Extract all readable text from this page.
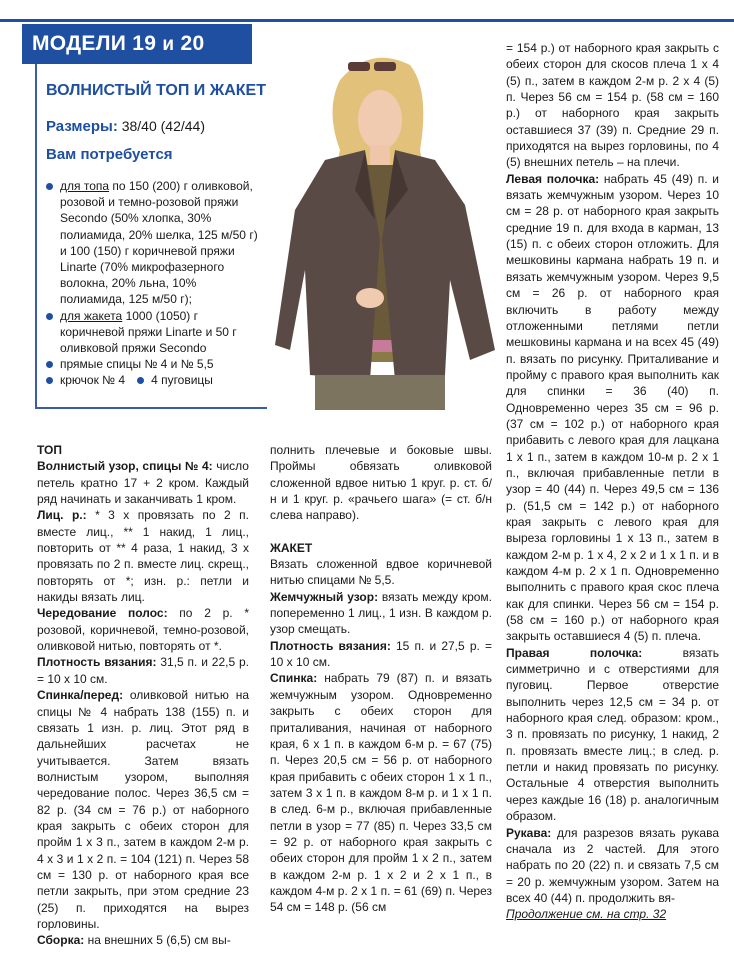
МОДЕЛИ 19 и 20
ВОЛНИСТЫЙ ТОП И ЖАКЕТ
Размеры: 38/40 (42/44)
Вам потребуется
для топа по 150 (200) г оливковой, розовой и темно-розовой пряжи Secondo (50% хлопка, 30% полиамида, 20% шелка, 125 м/50 г) и 100 (150) г коричневой пряжи Linarte (70% микрофазерного волокна, 20% льна, 10% полиамида, 125 м/50 г);
для жакета 1000 (1050) г коричневой пряжи Linarte и 50 г оливковой пряжи Secondo
прямые спицы № 4 и № 5,5
крючок № 4	4 пуговицы
ТОП
Волнистый узор, спицы № 4: число петель кратно 17 + 2 кром. Каждый ряд начинать и заканчивать 1 кром.
Лиц. р.: * 3 х провязать по 2 п. вместе лиц., ** 1 накид, 1 лиц., повторить от ** 4 раза, 1 накид, 3 х провязать по 2 п. вместе лиц. скрещ., повторять от *; изн. р.: петли и накиды вязать лиц.
Чередование полос: по 2 р. * розовой, коричневой, темно-розовой, оливковой нитью, повторять от *.
Плотность вязания: 31,5 п. и 22,5 р. = 10 х 10 см.
Спинка/перед: оливковой нитью на спицы № 4 набрать 138 (155) п. и связать 1 изн. р. лиц. Этот ряд в дальнейших расчетах не учитывается. Затем вязать волнистым узором, выполняя чередование полос. Через 36,5 см = 82 р. (34 см = 76 р.) от наборного края закрыть с обеих сторон для пройм 1 х 3 п., затем в каждом 2-м р. 4 х 3 и 1 х 2 п. = 104 (121) п. Через 58 см = 130 р. от наборного края все петли закрыть, при этом средние 23 (25) п. приходятся на вырез горловины.
Сборка: на внешних 5 (6,5) см вы-
полнить плечевые и боковые швы. Проймы обвязать оливковой сложенной вдвое нитью 1 круг. р. ст. б/н и 1 круг. р. «рачьего шага» (= ст. б/н слева направо).
ЖАКЕТ
Вязать сложенной вдвое коричневой нитью спицами № 5,5.
Жемчужный узор: вязать между кром. попеременно 1 лиц., 1 изн. В каждом р. узор смещать.
Плотность вязания: 15 п. и 27,5 р. = 10 х 10 см.
Спинка: набрать 79 (87) п. и вязать жемчужным узором. Одновременно закрыть с обеих сторон для приталивания, начиная от наборного края, 6 х 1 п. в каждом 6-м р. = 67 (75) п. Через 20,5 см = 56 р. от наборного края прибавить с обеих сторон 1 х 1 п., затем 3 х 1 п. в каждом 8-м р. и 1 х 1 п. в след. 6-м р., включая прибавленные петли в узор = 77 (85) п. Через 33,5 см = 92 р. от наборного края закрыть с обеих сторон для пройм 1 х 2 п., затем в каждом 2-м р. 1 х 2 и 2 х 1 п., в каждом 4-м р. 2 х 1 п. = 61 (69) п. Через 54 см = 148 р. (56 см
= 154 р.) от наборного края закрыть с обеих сторон для скосов плеча 1 х 4 (5) п., затем в каждом 2-м р. 2 х 4 (5) п. Через 56 см = 154 р. (58 см = 160 р.) от наборного края закрыть оставшиеся 37 (39) п. Средние 29 п. приходятся на вырез горловины, по 4 (5) внешних петель – на плечи.
Левая полочка: набрать 45 (49) п. и вязать жемчужным узором. Через 10 см = 28 р. от наборного края закрыть средние 19 п. для входа в карман, 13 (15) п. с обеих сторон отложить. Для мешковины кармана набрать 19 п. и вязать жемчужным узором. Через 9,5 см = 26 р. от наборного края включить в работу между отложенными петлями петли мешковины кармана и на всех 45 (49) п. вязать по рисунку. Приталивание и пройму с правого края выполнить как для спинки = 36 (40) п. Одновременно через 35 см = 96 р. (37 см = 102 р.) от наборного края прибавить с левого края для лацкана 1 х 1 п., затем в каждом 10-м р. 2 х 1 п., включая прибавленные петли в узор = 40 (44) п. Через 49,5 см = 136 р. (51,5 см = 142 р.) от наборного края закрыть с левого края для выреза горловины 1 х 13 п., затем в каждом 2-м р. 1 х 4, 2 х 2 и 1 х 1 п. и в каждом 4-м р. 2 х 1 п. Одновременно выполнить с правого края скос плеча как для спинки. Через 56 см = 154 р. (58 см = 160 р.) от наборного края закрыть оставшиеся 4 (5) п. плеча.
Правая полочка: вязать симметрично и с отверстиями для пуговиц. Первое отверстие выполнить через 12,5 см = 34 р. от наборного края след. образом: кром., 3 п. провязать по рисунку, 1 накид, 2 п. провязать вместе лиц.; в след. р. петли и накид провязать по рисунку. Остальные 4 отверстия выполнить через каждые 16 (18) р. аналогичным образом.
Рукава: для разрезов вязать рукава сначала из 2 частей. Для этого набрать по 20 (22) п. и связать 7,5 см = 20 р. жемчужным узором. Затем на всех 40 (44) п. продолжить вя-
Продолжение см. на стр. 32
